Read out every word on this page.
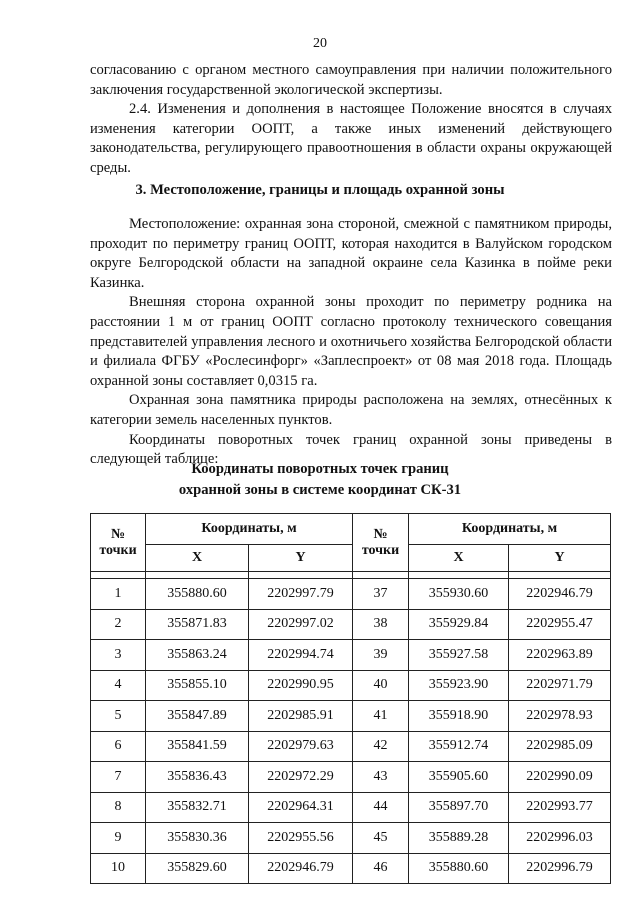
20

согласованию с органом местного самоуправления при наличии положительного заключения государственной экологической экспертизы.

2.4. Изменения и дополнения в настоящее Положение вносятся в случаях изменения категории ООПТ, а также иных изменений действующего законодательства, регулирующего правоотношения в области охраны окружающей среды.

3. Местоположение, границы и площадь охранной зоны

Местоположение: охранная зона стороной, смежной с памятником природы, проходит по периметру границ ООПТ, которая находится в Валуйском городском округе Белгородской области на западной окраине села Казинка в пойме реки Казинка.

Внешняя сторона охранной зоны проходит по периметру родника на расстоянии 1 м от границ ООПТ согласно протоколу технического совещания представителей управления лесного и охотничьего хозяйства Белгородской области и филиала ФГБУ «Рослесинфорг» «Заплеспроект» от 08 мая 2018 года. Площадь охранной зоны составляет 0,0315 га.

Охранная зона памятника природы расположена на землях, отнесённых к категории земель населенных пунктов.

Координаты поворотных точек границ охранной зоны приведены в следующей таблице:

Координаты поворотных точек границ
охранной зоны в системе координат СК-31
№
точки	Координаты, м		№
точки	Координаты, м	
	X	Y		X	Y

1	355880.60	2202997.79	37	355930.60	2202946.79
2	355871.83	2202997.02	38	355929.84	2202955.47
3	355863.24	2202994.74	39	355927.58	2202963.89
4	355855.10	2202990.95	40	355923.90	2202971.79
5	355847.89	2202985.91	41	355918.90	2202978.93
6	355841.59	2202979.63	42	355912.74	2202985.09
7	355836.43	2202972.29	43	355905.60	2202990.09
8	355832.71	2202964.31	44	355897.70	2202993.77
9	355830.36	2202955.56	45	355889.28	2202996.03
10	355829.60	2202946.79	46	355880.60	2202996.79
